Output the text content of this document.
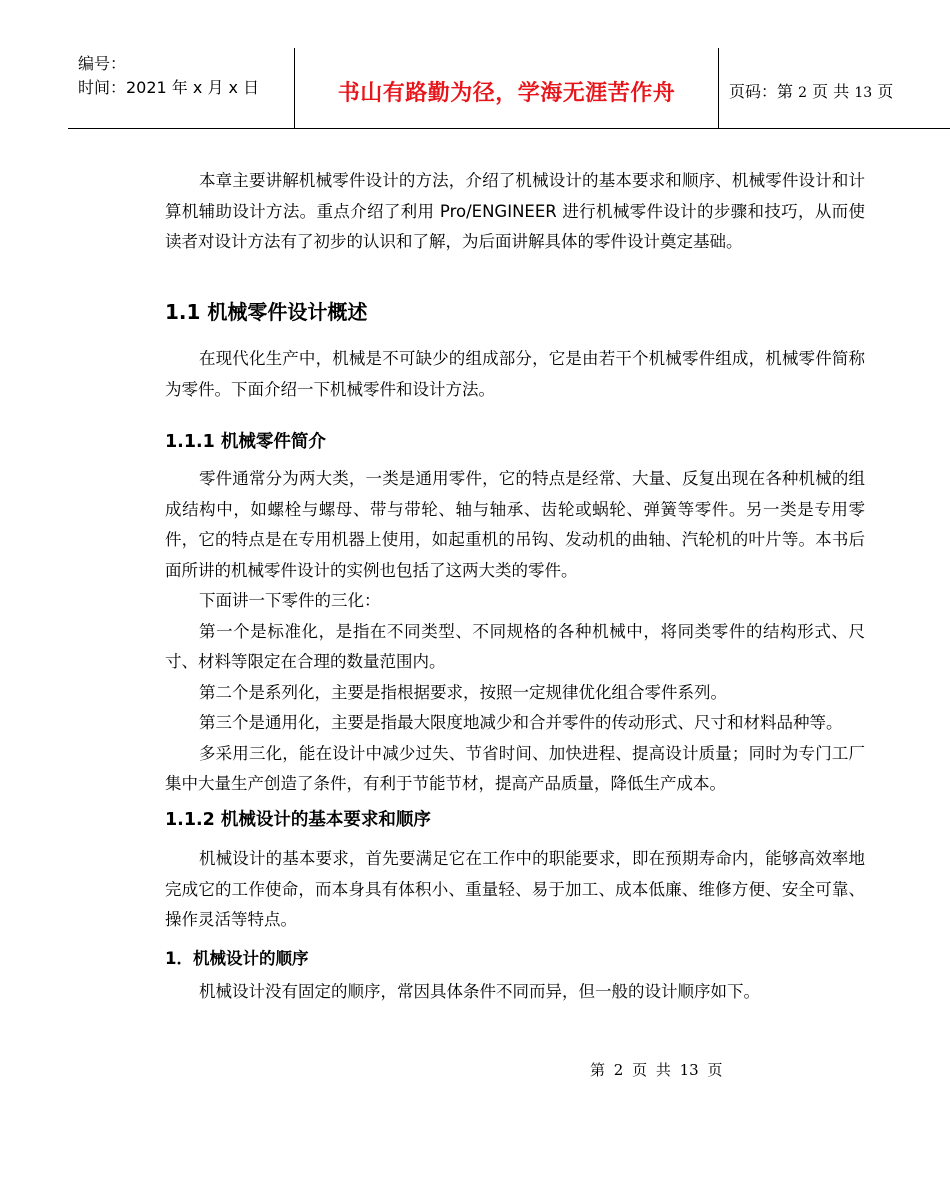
编号：
时间：2021 年 x 月 x 日	书山有路勤为径，学海无涯苦作舟	页码：第 2 页 共 13 页

本章主要讲解机械零件设计的方法，介绍了机械设计的基本要求和顺序、机械零件设计和计算机辅助设计方法。重点介绍了利用 Pro/ENGINEER 进行机械零件设计的步骤和技巧，从而使读者对设计方法有了初步的认识和了解，为后面讲解具体的零件设计奠定基础。

1.1 机械零件设计概述

在现代化生产中，机械是不可缺少的组成部分，它是由若干个机械零件组成，机械零件简称为零件。下面介绍一下机械零件和设计方法。

1.1.1 机械零件简介

零件通常分为两大类，一类是通用零件，它的特点是经常、大量、反复出现在各种机械的组成结构中，如螺栓与螺母、带与带轮、轴与轴承、齿轮或蜗轮、弹簧等零件。另一类是专用零件，它的特点是在专用机器上使用，如起重机的吊钩、发动机的曲轴、汽轮机的叶片等。本书后面所讲的机械零件设计的实例也包括了这两大类的零件。

下面讲一下零件的三化：

第一个是标准化，是指在不同类型、不同规格的各种机械中，将同类零件的结构形式、尺寸、材料等限定在合理的数量范围内。

第二个是系列化，主要是指根据要求，按照一定规律优化组合零件系列。

第三个是通用化，主要是指最大限度地减少和合并零件的传动形式、尺寸和材料品种等。

多采用三化，能在设计中减少过失、节省时间、加快进程、提高设计质量；同时为专门工厂集中大量生产创造了条件，有利于节能节材，提高产品质量，降低生产成本。

1.1.2 机械设计的基本要求和顺序

机械设计的基本要求，首先要满足它在工作中的职能要求，即在预期寿命内，能够高效率地完成它的工作使命，而本身具有体积小、重量轻、易于加工、成本低廉、维修方便、安全可靠、操作灵活等特点。

1．机械设计的顺序

机械设计没有固定的顺序，常因具体条件不同而异，但一般的设计顺序如下。

第 2 页 共 13 页
